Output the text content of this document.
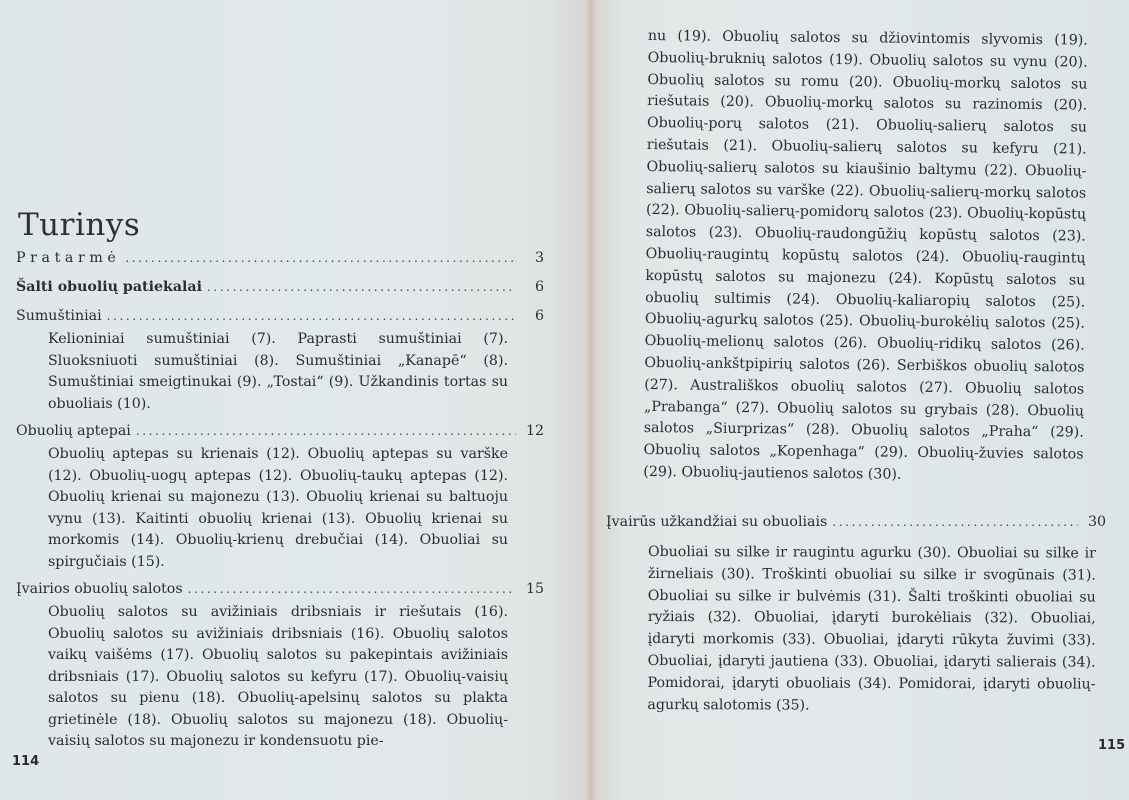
Turinys
Pratarmė .....	3
Šalti obuolių patiekalai .....	6
Sumuštiniai .....	6

Kelioniniai sumuštiniai (7). Paprasti sumuštiniai (7). Sluoksniuoti sumuštiniai (8). Sumuštiniai „Kanapē“ (8). Sumuštiniai smeigtinukai (9). „Tostai“ (9). Užkandinis tortas su obuoliais (10).

Obuolių aptepai .....	12

Obuolių aptepas su krienais (12). Obuolių aptepas su varške (12). Obuolių-uogų aptepas (12). Obuolių-taukų aptepas (12). Obuolių krienai su majonezu (13). Obuolių krienai su baltuoju vynu (13). Kaitinti obuolių krienai (13). Obuolių krienai su morkomis (14). Obuolių-krienų drebučiai (14). Obuoliai su spirgučiais (15).

Įvairios obuolių salotos .....	15

Obuolių salotos su avižiniais dribsniais ir riešutais (16). Obuolių salotos su avižiniais dribsniais (16). Obuolių salotos vaikų vaišėms (17). Obuolių salotos su pakepintais avižiniais dribsniais (17). Obuolių salotos su kefyru (17). Obuolių-vaisių salotos su pienu (18). Obuolių-apelsinų salotos su plakta grietinėle (18). Obuolių salotos su majonezu (18). Obuolių-vaisių salotos su majonezu ir kondensuotu pie-

114

nu (19). Obuolių salotos su džiovintomis slyvomis (19). Obuolių-bruknių salotos (19). Obuolių salotos su vynu (20). Obuolių salotos su romu (20). Obuolių-morkų salotos su riešutais (20). Obuolių-morkų salotos su razinomis (20). Obuolių-porų salotos (21). Obuolių-salierų salotos su riešutais (21). Obuolių-salierų salotos su kefyru (21). Obuolių-salierų salotos su kiaušinio baltymu (22). Obuolių-salierų salotos su varške (22). Obuolių-salierų-morkų salotos (22). Obuolių-salierų-pomidorų salotos (23). Obuolių-kopūstų salotos (23). Obuolių-raudongūžių kopūstų salotos (23). Obuolių-raugintų kopūstų salotos (24). Obuolių-raugintų kopūstų salotos su majonezu (24). Kopūstų salotos su obuolių sultimis (24). Obuolių-kaliaropių salotos (25). Obuolių-agurkų salotos (25). Obuolių-burokėlių salotos (25). Obuolių-melionų salotos (26). Obuolių-ridikų salotos (26). Obuolių-ankštpipirių salotos (26). Serbiškos obuolių salotos (27). Australiškos obuolių salotos (27). Obuolių salotos „Prabanga“ (27). Obuolių salotos su grybais (28). Obuolių salotos „Siurprizas“ (28). Obuolių salotos „Praha“ (29). Obuolių salotos „Kopenhaga“ (29). Obuolių-žuvies salotos (29). Obuolių-jautienos salotos (30).

Įvairūs užkandžiai su obuoliais .....	30

Obuoliai su silke ir raugintu agurku (30). Obuoliai su silke ir žirneliais (30). Troškinti obuoliai su silke ir svogūnais (31). Obuoliai su silke ir bulvėmis (31). Šalti troškinti obuoliai su ryžiais (32). Obuoliai, įdaryti burokėliais (32). Obuoliai, įdaryti morkomis (33). Obuoliai, įdaryti rūkyta žuvimi (33). Obuoliai, įdaryti jautiena (33). Obuoliai, įdaryti salierais (34). Pomidorai, įdaryti obuoliais (34). Pomidorai, įdaryti obuolių-agurkų salotomis (35).

115
